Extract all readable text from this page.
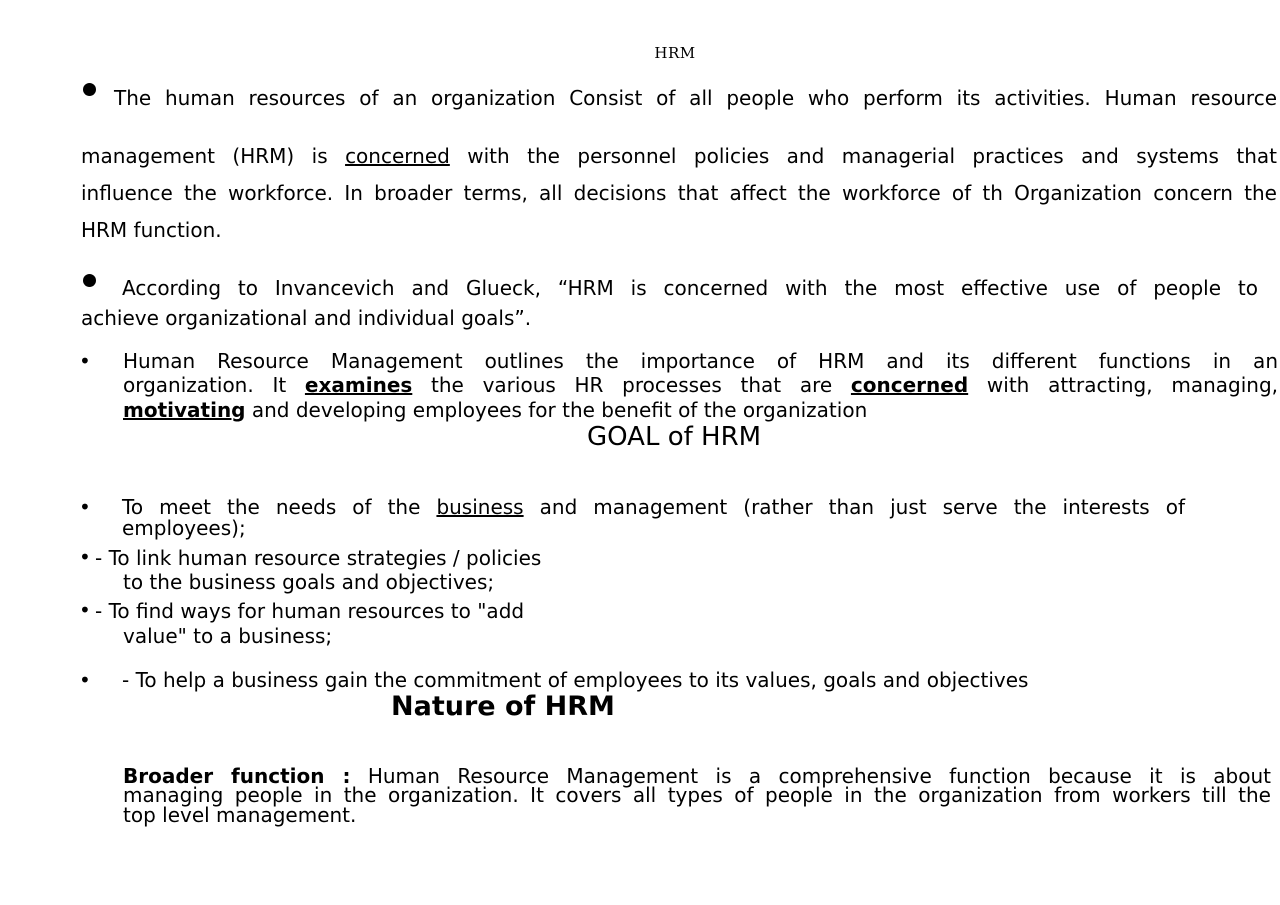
HRM
The human resources of an organization Consist of all people who perform its activities. Human resource
management (HRM) is concerned with the personnel policies and managerial practices and systems that
influence the workforce. In broader terms, all decisions that affect the workforce of th Organization concern the
HRM function.
According to Invancevich and Glueck, “HRM is concerned with the most effective use of people to
achieve organizational and individual goals”.
• Human Resource Management outlines the importance of HRM and its different functions in an
organization. It examines the various HR processes that are concerned with attracting, managing,
motivating and developing employees for the benefit of the organization
GOAL of HRM
• To meet the needs of the business and management (rather than just serve the interests of
employees);
• - To link human resource strategies / policies
to the business goals and objectives;
• - To find ways for human resources to "add
value" to a business;
• - To help a business gain the commitment of employees to its values, goals and objectives
Nature of HRM
Broader function : Human Resource Management is a comprehensive function because it is about
managing people in the organization. It covers all types of people in the organization from workers till the
top level management.
